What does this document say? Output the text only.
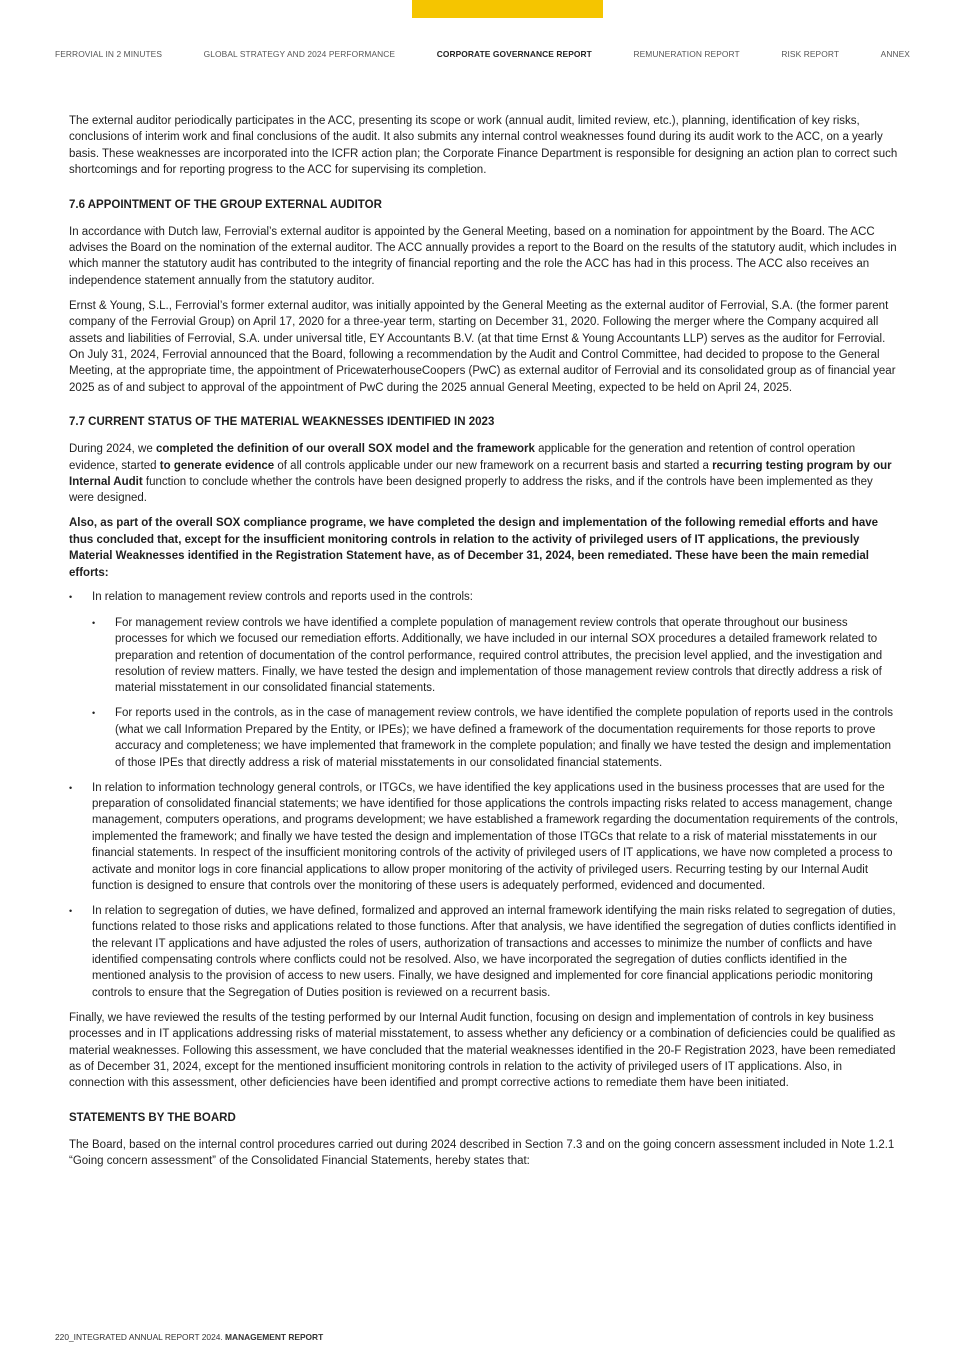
FERROVIAL IN 2 MINUTES	GLOBAL STRATEGY AND 2024 PERFORMANCE	CORPORATE GOVERNANCE REPORT	REMUNERATION REPORT	RISK REPORT	ANNEX

The external auditor periodically participates in the ACC, presenting its scope or work (annual audit, limited review, etc.), planning, identification of key risks, conclusions of interim work and final conclusions of the audit. It also submits any internal control weaknesses found during its audit work to the ACC, on a yearly basis. These weaknesses are incorporated into the ICFR action plan; the Corporate Finance Department is responsible for designing an action plan to correct such shortcomings and for reporting progress to the ACC for supervising its completion.

7.6 APPOINTMENT OF THE GROUP EXTERNAL AUDITOR

In accordance with Dutch law, Ferrovial’s external auditor is appointed by the General Meeting, based on a nomination for appointment by the Board. The ACC advises the Board on the nomination of the external auditor. The ACC annually provides a report to the Board on the results of the statutory audit, which includes in which manner the statutory audit has contributed to the integrity of financial reporting and the role the ACC has had in this process. The ACC also receives an independence statement annually from the statutory auditor.

Ernst & Young, S.L., Ferrovial’s former external auditor, was initially appointed by the General Meeting as the external auditor of Ferrovial, S.A. (the former parent company of the Ferrovial Group) on April 17, 2020 for a three-year term, starting on December 31, 2020. Following the merger where the Company acquired all assets and liabilities of Ferrovial, S.A. under universal title, EY Accountants B.V. (at that time Ernst & Young Accountants LLP) serves as the auditor for Ferrovial. On July 31, 2024, Ferrovial announced that the Board, following a recommendation by the Audit and Control Committee, had decided to propose to the General Meeting, at the appropriate time, the appointment of PricewaterhouseCoopers (PwC) as external auditor of Ferrovial and its consolidated group as of financial year 2025 as of and subject to approval of the appointment of PwC during the 2025 annual General Meeting, expected to be held on April 24, 2025.

7.7 CURRENT STATUS OF THE MATERIAL WEAKNESSES IDENTIFIED IN 2023

During 2024, we completed the definition of our overall SOX model and the framework applicable for the generation and retention of control operation evidence, started to generate evidence of all controls applicable under our new framework on a recurrent basis and started a recurring testing program by our Internal Audit function to conclude whether the controls have been designed properly to address the risks, and if the controls have been implemented as they were designed.

Also, as part of the overall SOX compliance programe, we have completed the design and implementation of the following remedial efforts and have thus concluded that, except for the insufficient monitoring controls in relation to the activity of privileged users of IT applications, the previously Material Weaknesses identified in the Registration Statement have, as of December 31, 2024, been remediated. These have been the main remedial efforts:

• In relation to management review controls and reports used in the controls:
• For management review controls we have identified a complete population of management review controls that operate throughout our business processes for which we focused our remediation efforts. Additionally, we have included in our internal SOX procedures a detailed framework related to preparation and retention of documentation of the control performance, required control attributes, the precision level applied, and the investigation and resolution of review matters. Finally, we have tested the design and implementation of those management review controls that directly address a risk of material misstatement in our consolidated financial statements.
• For reports used in the controls, as in the case of management review controls, we have identified the complete population of reports used in the controls (what we call Information Prepared by the Entity, or IPEs); we have defined a framework of the documentation requirements for those reports to prove accuracy and completeness; we have implemented that framework in the complete population; and finally we have tested the design and implementation of those IPEs that directly address a risk of material misstatements in our consolidated financial statements.
• In relation to information technology general controls, or ITGCs, we have identified the key applications used in the business processes that are used for the preparation of consolidated financial statements; we have identified for those applications the controls impacting risks related to access management, change management, computers operations, and programs development; we have established a framework regarding the documentation requirements of the controls, implemented the framework; and finally we have tested the design and implementation of those ITGCs that relate to a risk of material misstatements in our financial statements. In respect of the insufficient monitoring controls of the activity of privileged users of IT applications, we have now completed a process to activate and monitor logs in core financial applications to allow proper monitoring of the activity of privileged users. Recurring testing by our Internal Audit function is designed to ensure that controls over the monitoring of these users is adequately performed, evidenced and documented.
• In relation to segregation of duties, we have defined, formalized and approved an internal framework identifying the main risks related to segregation of duties, functions related to those risks and applications related to those functions. After that analysis, we have identified the segregation of duties conflicts identified in the relevant IT applications and have adjusted the roles of users, authorization of transactions and accesses to minimize the number of conflicts and have identified compensating controls where conflicts could not be resolved. Also, we have incorporated the segregation of duties conflicts identified in the mentioned analysis to the provision of access to new users. Finally, we have designed and implemented for core financial applications periodic monitoring controls to ensure that the Segregation of Duties position is reviewed on a recurrent basis.

Finally, we have reviewed the results of the testing performed by our Internal Audit function, focusing on design and implementation of controls in key business processes and in IT applications addressing risks of material misstatement, to assess whether any deficiency or a combination of deficiencies could be qualified as material weaknesses. Following this assessment, we have concluded that the material weaknesses identified in the 20-F Registration 2023, have been remediated as of December 31, 2024, except for the mentioned insufficient monitoring controls in relation to the activity of privileged users of IT applications. Also, in connection with this assessment, other deficiencies have been identified and prompt corrective actions to remediate them have been initiated.

STATEMENTS BY THE BOARD

The Board, based on the internal control procedures carried out during 2024 described in Section 7.3 and on the going concern assessment included in Note 1.2.1 “Going concern assessment” of the Consolidated Financial Statements, hereby states that:

220_INTEGRATED ANNUAL REPORT 2024. MANAGEMENT REPORT
